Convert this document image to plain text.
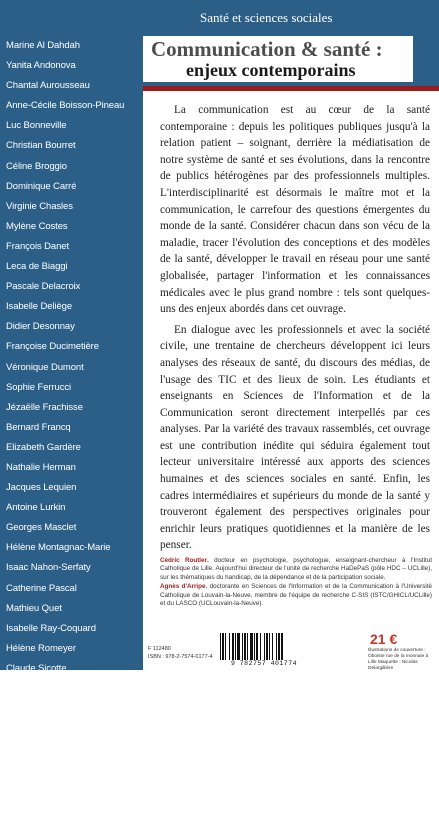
Marine Al Dahdah
Yanita Andonova
Chantal Aurousseau
Anne-Cécile Boisson-Pineau
Luc Bonneville
Christian Bourret
Céline Broggio
Dominique Carré
Virginie Chasles
Mylène Costes
François Danet
Leca de Biaggi
Pascale Delacroix
Isabelle Deliège
Didier Desonnay
Françoise Ducimetière
Véronique Dumont
Sophie Ferrucci
Jézaëlle Frachisse
Bernard Francq
Elizabeth Gardère
Nathalie Herman
Jacques Lequien
Antoine Lurkin
Georges Masclet
Hélène Montagnac-Marie
Isaac Nahon-Serfaty
Catherine Pascal
Mathieu Quet
Isabelle Ray-Coquard
Hélène Romeyer
Claude Sicotte
Jérôme Thomas
Annelise Touboul
Mireille Tremblay
Damien Vanneste
Baptiste Viaud
Elizabeth Vercher
Elgiz Yilmaz
Santé et sciences sociales
Communication & santé :
enjeux contemporains

La communication est au cœur de la santé contemporaine : depuis les politiques publiques jusqu'à la relation patient – soignant, derrière la médiatisation de notre système de santé et ses évolutions, dans la rencontre de publics hétérogènes par des professionnels multiples. L'interdisciplinarité est désormais le maître mot et la communication, le carrefour des questions émergentes du monde de la santé. Considérer chacun dans son vécu de la maladie, tracer l'évolution des conceptions et des modèles de la santé, développer le travail en réseau pour une santé globalisée, partager l'information et les connaissances médicales avec le plus grand nombre : tels sont quelques-uns des enjeux abordés dans cet ouvrage.

En dialogue avec les professionnels et avec la société civile, une trentaine de chercheurs développent ici leurs analyses des réseaux de santé, du discours des médias, de l'usage des TIC et des lieux de soin. Les étudiants et enseignants en Sciences de l'Information et de la Communication seront directement interpellés par ces analyses. Par la variété des travaux rassemblés, cet ouvrage est une contribution inédite qui séduira également tout lecteur universitaire intéressé aux apports des sciences humaines et des sciences sociales en santé. Enfin, les cadres intermédiaires et supérieurs du monde de la santé y trouveront également des perspectives originales pour enrichir leurs pratiques quotidiennes et la manière de les penser.

Cédric Routier, docteur en psychologie, psychologue, enseignant-chercheur à l'Institut Catholique de Lille. Aujourd'hui directeur de l'unité de recherche HaDePaS (pôle HDC – UCLille), sur les thématiques du handicap, de la dépendance et de la participation sociale.

Agnès d'Arripe, doctorante en Sciences de l'Information et de la Communication à l'Université Catholique de Louvain-la-Neuve, membre de l'équipe de recherche C-SIS (ISTC/GHICL/UCLille) et du LASCO (UCLouvain-la-Neuve).

F 112480
ISBN : 978-2-7574-0177-4
9 782757 401774
21 €
Illustrations de couverture : Oboiste rue de la monnaie à Lille Maquette : Nicolas Delargillière
